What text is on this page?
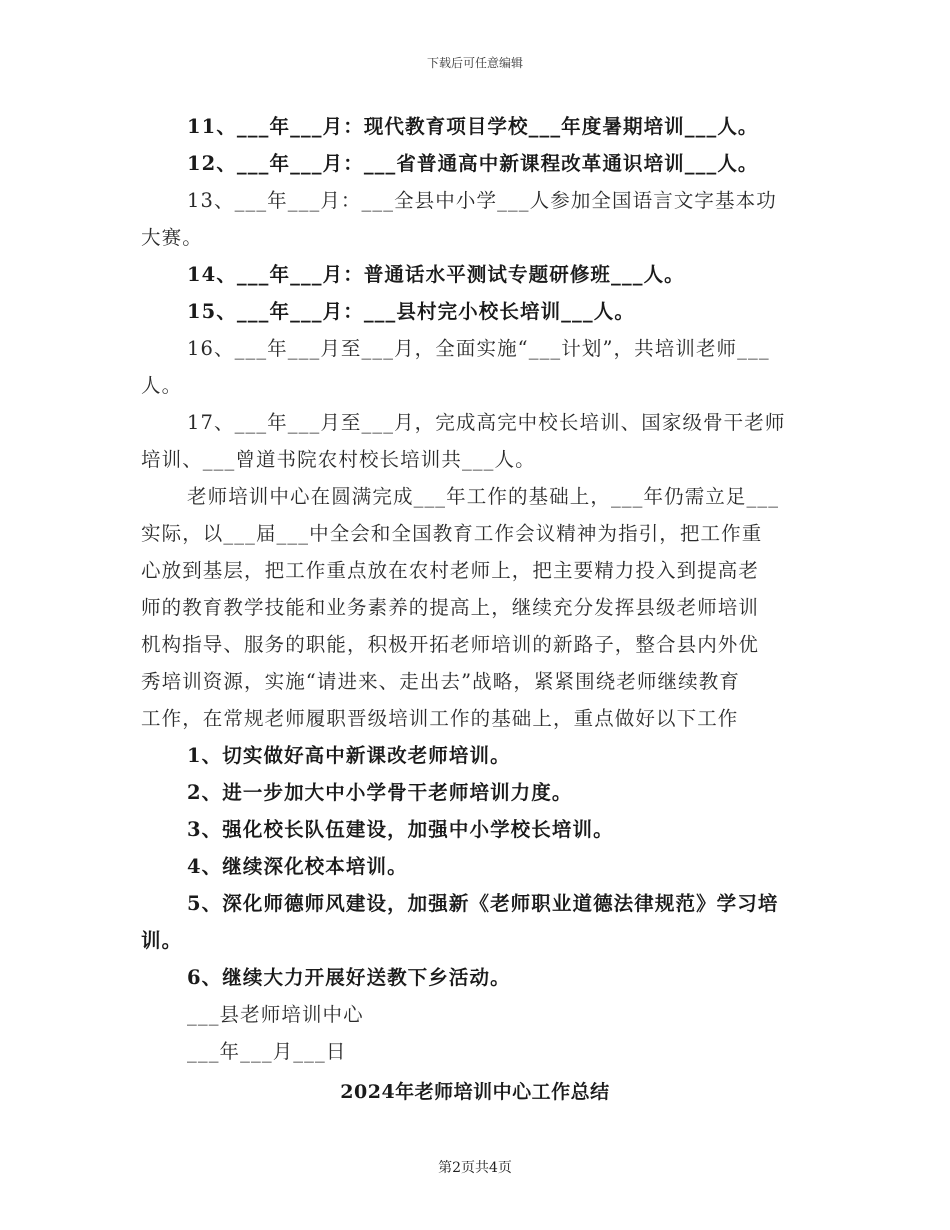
下载后可任意编辑
11、___年___月：现代教育项目学校___年度暑期培训___人。
12、___年___月：___省普通高中新课程改革通识培训___人。
13、___年___月：___全县中小学___人参加全国语言文字基本功
大赛。
14、___年___月：普通话水平测试专题研修班___人。
15、___年___月：___县村完小校长培训___人。
16、___年___月至___月，全面实施“___计划”，共培训老师___
人。
17、___年___月至___月，完成高完中校长培训、国家级骨干老师
培训、___曾道书院农村校长培训共___人。
老师培训中心在圆满完成___年工作的基础上，___年仍需立足___
实际，以___届___中全会和全国教育工作会议精神为指引，把工作重
心放到基层，把工作重点放在农村老师上，把主要精力投入到提高老
师的教育教学技能和业务素养的提高上，继续充分发挥县级老师培训
机构指导、服务的职能，积极开拓老师培训的新路子，整合县内外优
秀培训资源，实施“请进来、走出去”战略，紧紧围绕老师继续教育
工作，在常规老师履职晋级培训工作的基础上，重点做好以下工作
1、切实做好高中新课改老师培训。
2、进一步加大中小学骨干老师培训力度。
3、强化校长队伍建设，加强中小学校长培训。
4、继续深化校本培训。
5、深化师德师风建设，加强新《老师职业道德法律规范》学习培
训。
6、继续大力开展好送教下乡活动。
___县老师培训中心
___年___月___日
2024年老师培训中心工作总结
第2页共4页
